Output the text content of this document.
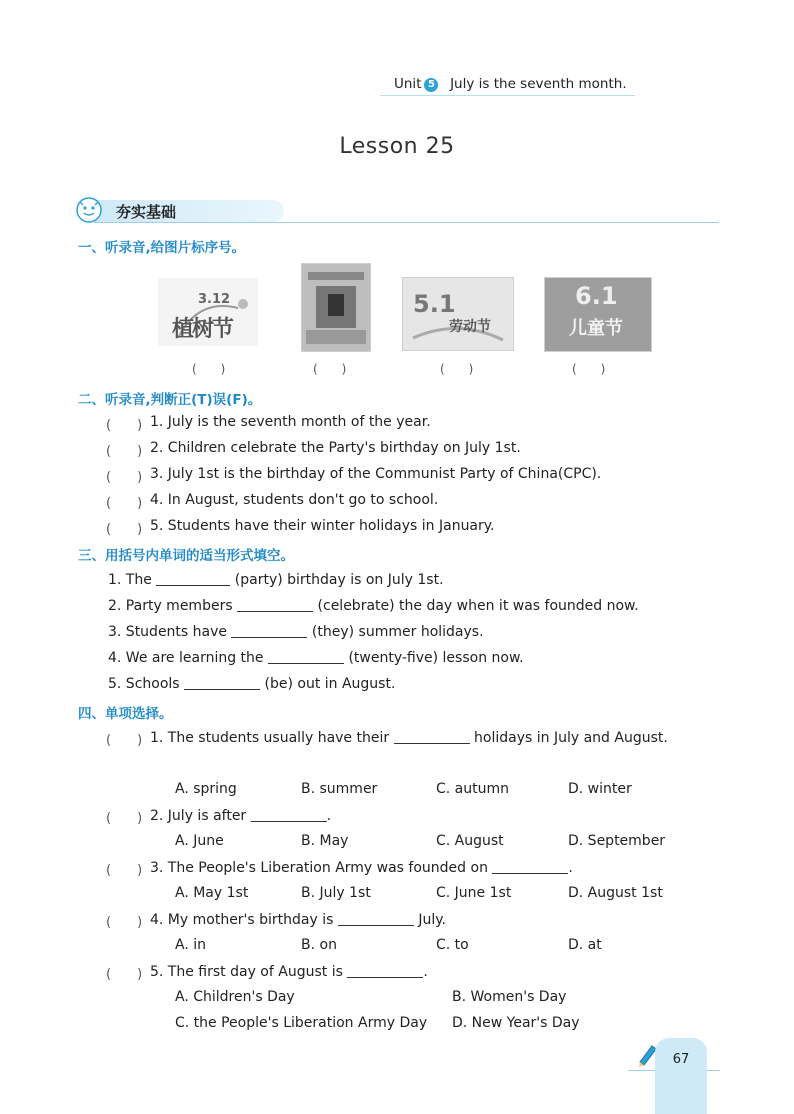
Unit 5 July is the seventh month.
Lesson 25
夯实基础
一、听录音,给图片标序号。
3.12
植树节
5.1
劳动节
6.1
儿童节
(　　)	(　　)	(　　)	(　　)
二、听录音,判断正(T)误(F)。
(　　) 1. July is the seventh month of the year.
(　　) 2. Children celebrate the Party's birthday on July 1st.
(　　) 3. July 1st is the birthday of the Communist Party of China(CPC).
(　　) 4. In August, students don't go to school.
(　　) 5. Students have their winter holidays in January.
三、用括号内单词的适当形式填空。
1. The	(party) birthday is on July 1st.
2. Party members	(celebrate) the day when it was founded now.
3. Students have	(they) summer holidays.
4. We are learning the	(twenty-five) lesson now.
5. Schools	(be) out in August.
四、单项选择。
(　　) 1. The students usually have their	holidays in July and August.
A. spring	B. summer	C. autumn	D. winter
(　　) 2. July is after	.
A. June	B. May	C. August	D. September
(　　) 3. The People's Liberation Army was founded on	.
A. May 1st	B. July 1st	C. June 1st	D. August 1st
(　　) 4. My mother's birthday is	July.
A. in	B. on	C. to	D. at
(　　) 5. The first day of August is	.
A. Children's Day	B. Women's Day
C. the People's Liberation Army Day D. New Year's Day
67
